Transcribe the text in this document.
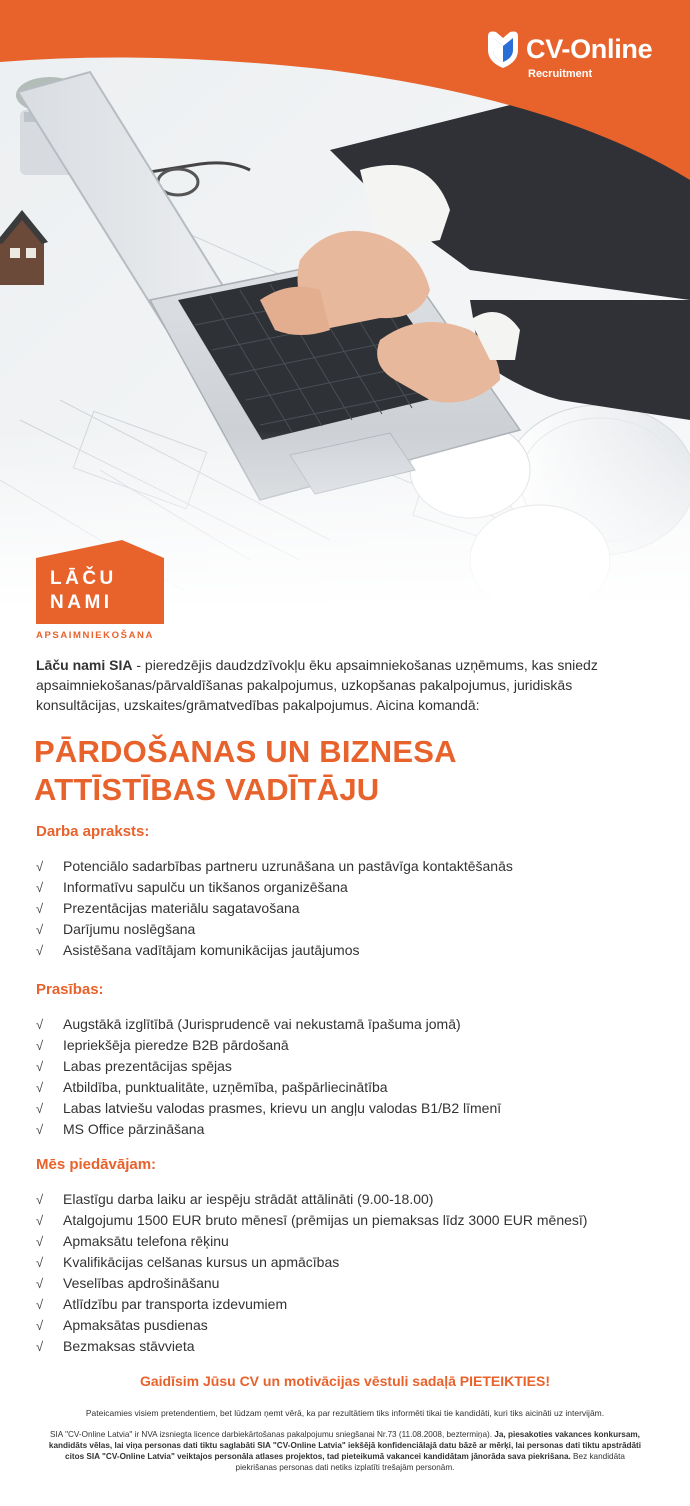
CV-Online
Recruitment
LĀČU
NAMI
APSAIMNIEKOŠANA
Lāču nami SIA - pieredzējis daudzdzīvokļu ēku apsaimniekošanas uzņēmums, kas sniedz apsaimniekošanas/pārvaldīšanas pakalpojumus, uzkopšanas pakalpojumus, juridiskās konsultācijas, uzskaites/grāmatvedības pakalpojumus. Aicina komandā:
PĀRDOŠANAS UN BIZNESA
ATTĪSTĪBAS VADĪTĀJU
Darba apraksts:
√ Potenciālo sadarbības partneru uzrunāšana un pastāvīga kontaktēšanās
√ Informatīvu sapulču un tikšanos organizēšana
√ Prezentācijas materiālu sagatavošana
√ Darījumu noslēgšana
√ Asistēšana vadītājam komunikācijas jautājumos
Prasības:
√ Augstākā izglītībā (Jurisprudencē vai nekustamā īpašuma jomā)
√ Iepriekšēja pieredze B2B pārdošanā
√ Labas prezentācijas spējas
√ Atbildība, punktualitāte, uzņēmība, pašpārliecinātība
√ Labas latviešu valodas prasmes, krievu un angļu valodas B1/B2 līmenī
√ MS Office pārzināšana
Mēs piedāvājam:
√ Elastīgu darba laiku ar iespēju strādāt attālināti (9.00-18.00)
√ Atalgojumu 1500 EUR bruto mēnesī (prēmijas un piemaksas līdz 3000 EUR mēnesī)
√ Apmaksātu telefona rēķinu
√ Kvalifikācijas celšanas kursus un apmācības
√ Veselības apdrošināšanu
√ Atlīdzību par transporta izdevumiem
√ Apmaksātas pusdienas
√ Bezmaksas stāvvieta
Gaidīsim Jūsu CV un motivācijas vēstuli sadaļā PIETEIKTIES!
Pateicamies visiem pretendentiem, bet lūdzam ņemt vērā, ka par rezultātiem tiks informēti tikai tie kandidāti, kuri tiks aicināti uz intervijām.
SIA "CV-Online Latvia" ir NVA izsniegta licence darbiekārtošanas pakalpojumu sniegšanai Nr.73 (11.08.2008, beztermiņa). Ja, piesakoties vakances konkursam, kandidāts vēlas, lai viņa personas dati tiktu saglabāti SIA "CV-Online Latvia" iekšējā konfidenciālajā datu bāzē ar mērķi, lai personas dati tiktu apstrādāti citos SIA "CV-Online Latvia" veiktajos personāla atlases projektos, tad pieteikumā vakancei kandidātam jānorāda sava piekrišana. Bez kandidāta piekrišanas personas dati netiks izplatīti trešajām personām.
